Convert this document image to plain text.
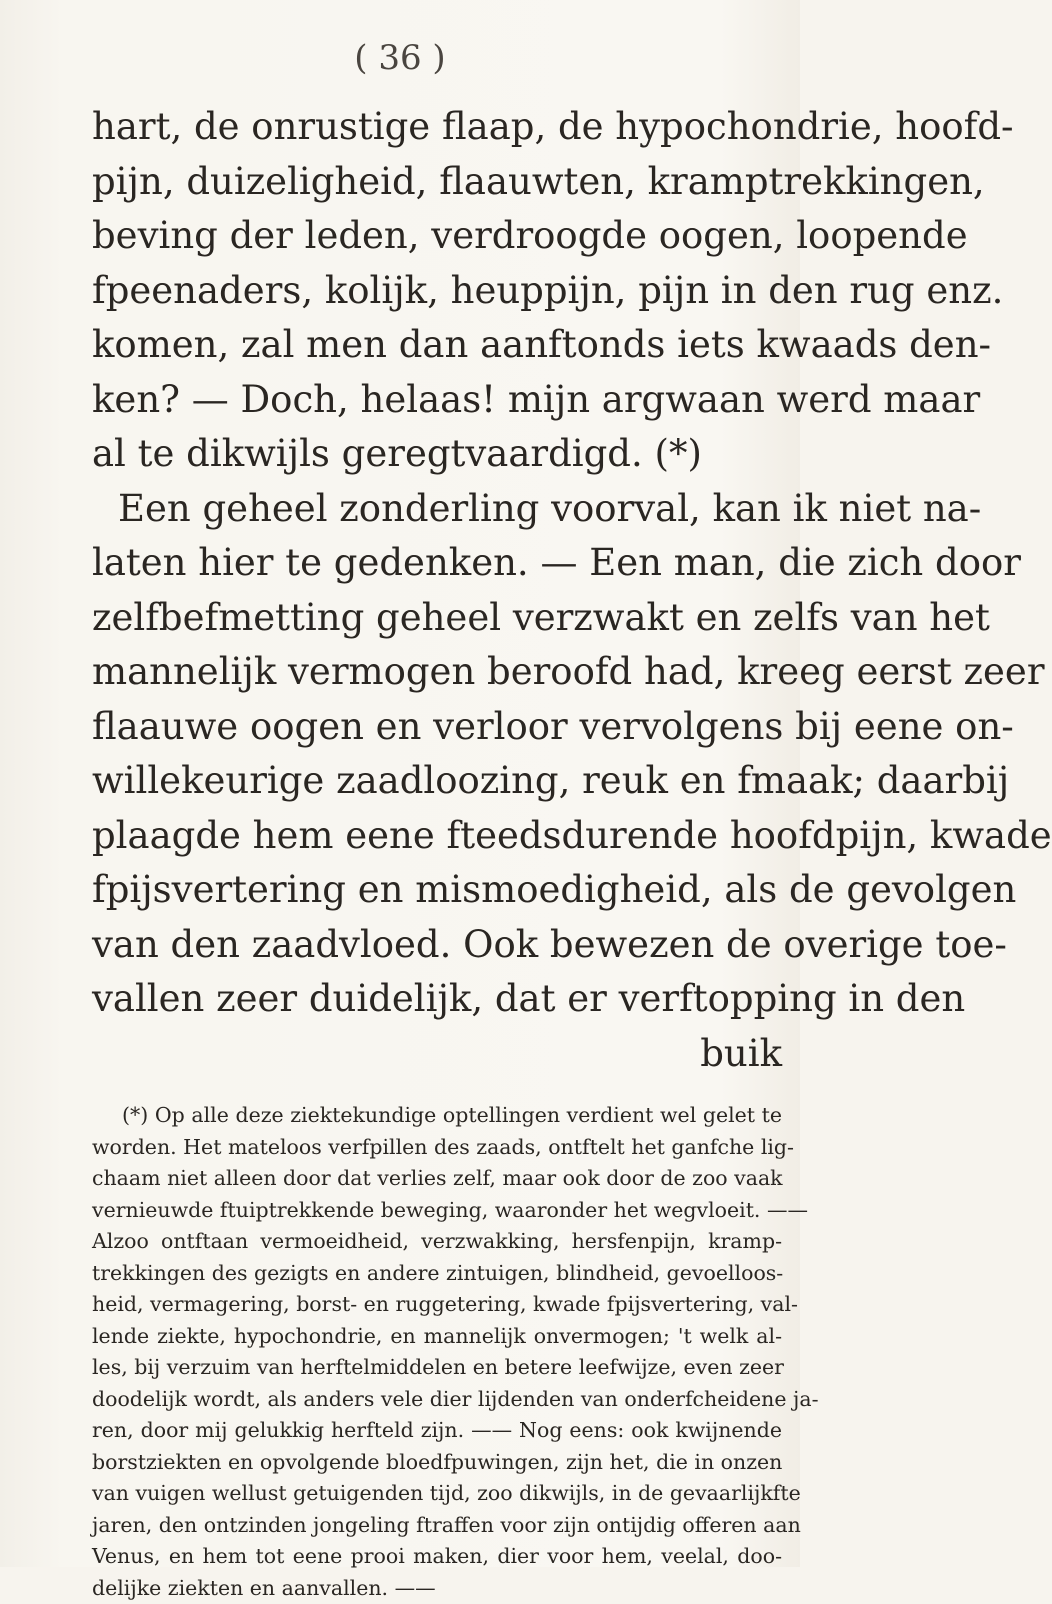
( 36 )
hart, de onrustige flaap, de hypochondrie, hoofd-
pijn, duizeligheid, flaauwten, kramptrekkingen,
beving der leden, verdroogde oogen, loopende
fpeenaders, kolijk, heuppijn, pijn in den rug enz.
komen, zal men dan aanftonds iets kwaads den-
ken? — Doch, helaas! mijn argwaan werd maar
al te dikwijls geregtvaardigd. (*)
Een geheel zonderling voorval, kan ik niet na-
laten hier te gedenken. — Een man, die zich door
zelfbefmetting geheel verzwakt en zelfs van het
mannelijk vermogen beroofd had, kreeg eerst zeer
flaauwe oogen en verloor vervolgens bij eene on-
willekeurige zaadloozing, reuk en fmaak; daarbij
plaagde hem eene fteedsdurende hoofdpijn, kwade
fpijsvertering en mismoedigheid, als de gevolgen
van den zaadvloed. Ook bewezen de overige toe-
vallen zeer duidelijk, dat er verftopping in den
buik
(*) Op alle deze ziektekundige optellingen verdient wel gelet te
worden. Het mateloos verfpillen des zaads, ontftelt het ganfche lig-
chaam niet alleen door dat verlies zelf, maar ook door de zoo vaak
vernieuwde ftuiptrekkende beweging, waaronder het wegvloeit. ——
Alzoo ontftaan vermoeidheid, verzwakking, hersfenpijn, kramp-
trekkingen des gezigts en andere zintuigen, blindheid, gevoelloos-
heid, vermagering, borst- en ruggetering, kwade fpijsvertering, val-
lende ziekte, hypochondrie, en mannelijk onvermogen; 't welk al-
les, bij verzuim van herftelmiddelen en betere leefwijze, even zeer
doodelijk wordt, als anders vele dier lijdenden van onderfcheidene ja-
ren, door mij gelukkig herfteld zijn. —— Nog eens: ook kwijnende
borstziekten en opvolgende bloedfpuwingen, zijn het, die in onzen
van vuigen wellust getuigenden tijd, zoo dikwijls, in de gevaarlijkfte
jaren, den ontzinden jongeling ftraffen voor zijn ontijdig offeren aan
Venus, en hem tot eene prooi maken, dier voor hem, veelal, doo-
delijke ziekten en aanvallen. ——
